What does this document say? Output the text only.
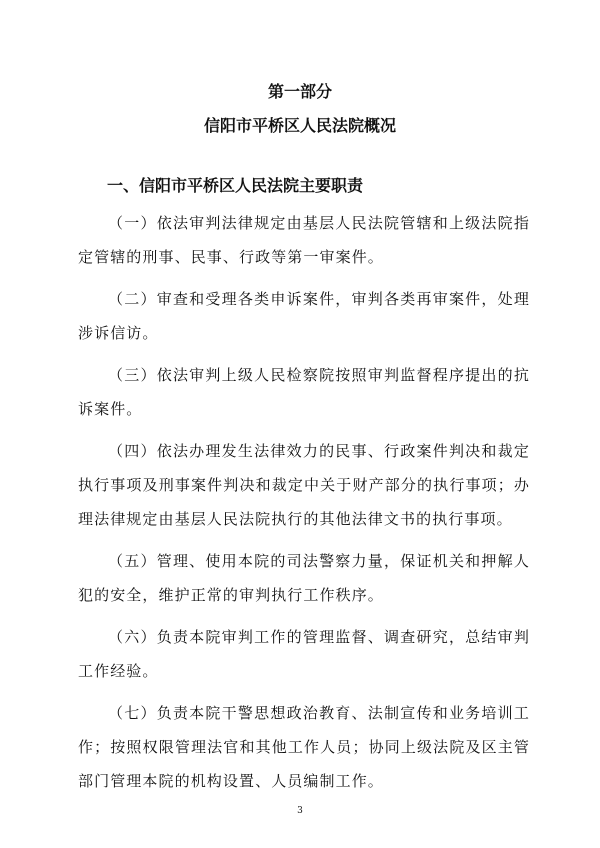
第一部分
信阳市平桥区人民法院概况
一、信阳市平桥区人民法院主要职责

（一）依法审判法律规定由基层人民法院管辖和上级法院指定管辖的刑事、民事、行政等第一审案件。

（二）审查和受理各类申诉案件，审判各类再审案件，处理涉诉信访。

（三）依法审判上级人民检察院按照审判监督程序提出的抗诉案件。

（四）依法办理发生法律效力的民事、行政案件判决和裁定执行事项及刑事案件判决和裁定中关于财产部分的执行事项；办理法律规定由基层人民法院执行的其他法律文书的执行事项。

（五）管理、使用本院的司法警察力量，保证机关和押解人犯的安全，维护正常的审判执行工作秩序。

（六）负责本院审判工作的管理监督、调查研究，总结审判工作经验。

（七）负责本院干警思想政治教育、法制宣传和业务培训工作；按照权限管理法官和其他工作人员；协同上级法院及区主管部门管理本院的机构设置、人员编制工作。

3
